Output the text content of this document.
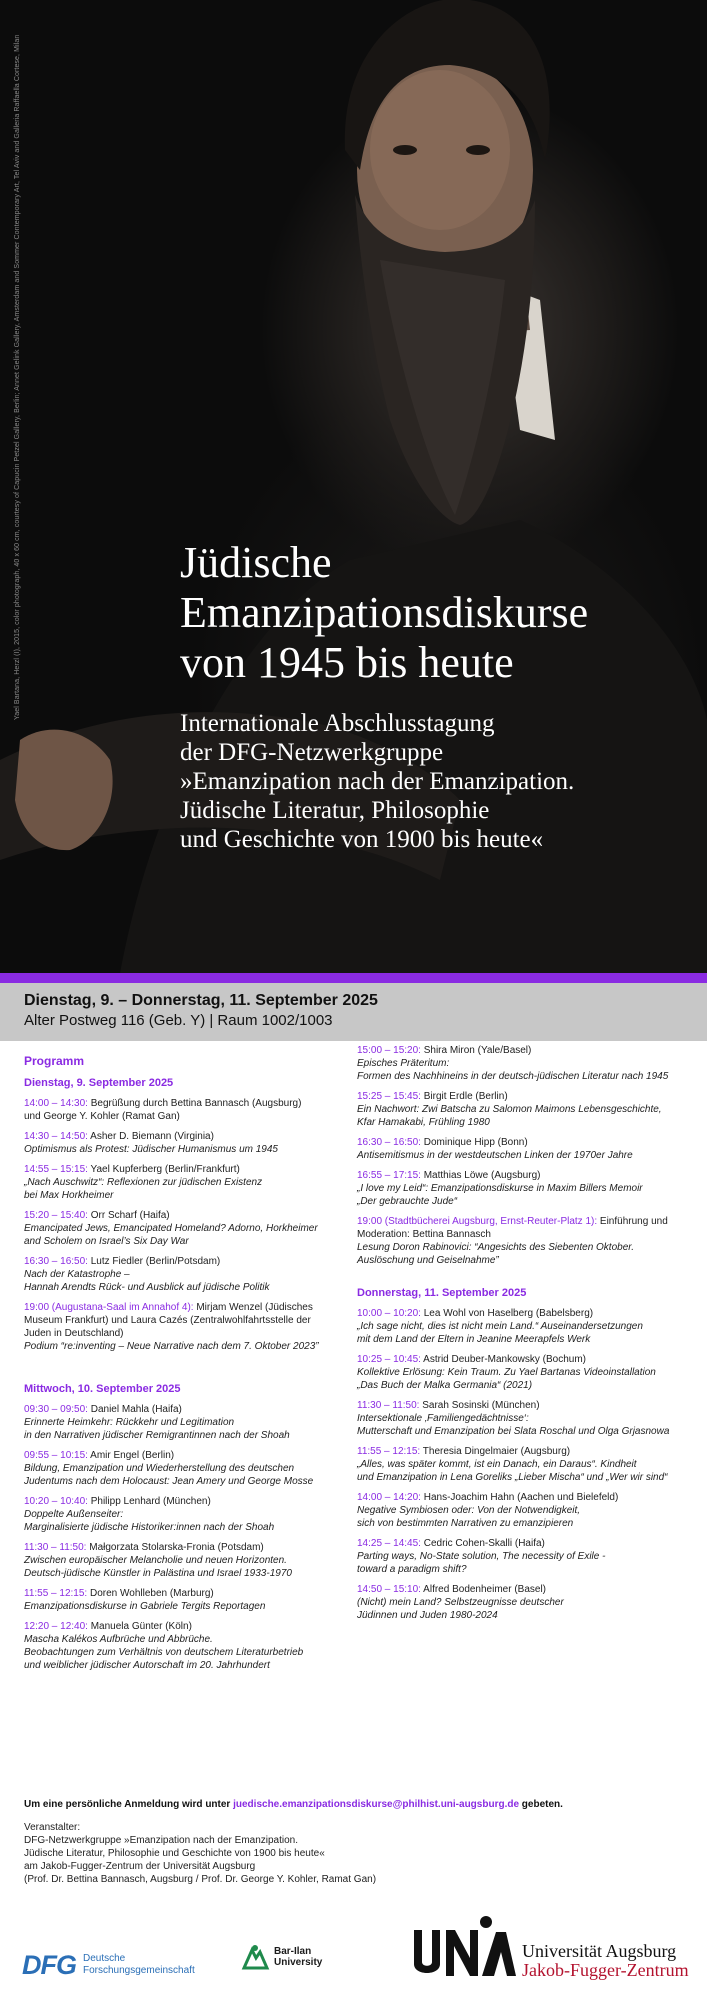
Yael Bartana, Herzl (I), 2015, color photograph, 40 x 60 cm, courtesy of Capucin Petzel Gallery, Berlin; Annet Gelink Gallery, Amsterdam and Sommer Contemporary Art, Tel Aviv and Galleria Raffaella Cortese, Milan	Jüdische
Emanzipationsdiskurse
von 1945 bis heute
Internationale Abschlusstagung
der DFG-Netzwerkgruppe
»Emanzipation nach der Emanzipation.
Jüdische Literatur, Philosophie
und Geschichte von 1900 bis heute«
Dienstag, 9. – Donnerstag, 11. September 2025
Alter Postweg 116 (Geb. Y) | Raum 1002/1003
Programm
Dienstag, 9. September 2025
14:00 – 14:30: Begrüßung durch Bettina Bannasch (Augsburg)
und George Y. Kohler (Ramat Gan)
14:30 – 14:50: Asher D. Biemann (Virginia)
Optimismus als Protest: Jüdischer Humanismus um 1945
14:55 – 15:15: Yael Kupferberg (Berlin/Frankfurt)
„Nach Auschwitz“: Reflexionen zur jüdischen Existenz
bei Max Horkheimer
15:20 – 15:40: Orr Scharf (Haifa)
Emancipated Jews, Emancipated Homeland? Adorno, Horkheimer
and Scholem on Israel’s Six Day War
16:30 – 16:50: Lutz Fiedler (Berlin/Potsdam)
Nach der Katastrophe –
Hannah Arendts Rück- und Ausblick auf jüdische Politik
19:00 (Augustana-Saal im Annahof 4): Mirjam Wenzel (Jüdisches
Museum Frankfurt) und Laura Cazés (Zentralwohlfahrtsstelle der
Juden in Deutschland)
Podium “re:inventing – Neue Narrative nach dem 7. Oktober 2023”
Mittwoch, 10. September 2025
09:30 – 09:50: Daniel Mahla (Haifa)
Erinnerte Heimkehr: Rückkehr und Legitimation
in den Narrativen jüdischer Remigrantinnen nach der Shoah
09:55 – 10:15: Amir Engel (Berlin)
Bildung, Emanzipation und Wiederherstellung des deutschen
Judentums nach dem Holocaust: Jean Amery und George Mosse
10:20 – 10:40: Philipp Lenhard (München)
Doppelte Außenseiter:
Marginalisierte jüdische Historiker:innen nach der Shoah
11:30 – 11:50: Małgorzata Stolarska-Fronia (Potsdam)
Zwischen europäischer Melancholie und neuen Horizonten.
Deutsch-jüdische Künstler in Palästina und Israel 1933-1970
11:55 – 12:15: Doren Wohlleben (Marburg)
Emanzipationsdiskurse in Gabriele Tergits Reportagen
12:20 – 12:40: Manuela Günter (Köln)
Mascha Kalékos Aufbrüche und Abbrüche.
Beobachtungen zum Verhältnis von deutschem Literaturbetrieb
und weiblicher jüdischer Autorschaft im 20. Jahrhundert
15:00 – 15:20: Shira Miron (Yale/Basel)
Episches Präteritum:
Formen des Nachhineins in der deutsch-jüdischen Literatur nach 1945
15:25 – 15:45: Birgit Erdle (Berlin)
Ein Nachwort: Zwi Batscha zu Salomon Maimons Lebensgeschichte,
Kfar Hamakabi, Frühling 1980
16:30 – 16:50: Dominique Hipp (Bonn)
Antisemitismus in der westdeutschen Linken der 1970er Jahre
16:55 – 17:15: Matthias Löwe (Augsburg)
„I love my Leid“: Emanzipationsdiskurse in Maxim Billers Memoir
„Der gebrauchte Jude“
19:00 (Stadtbücherei Augsburg, Ernst-Reuter-Platz 1): Einführung und
Moderation: Bettina Bannasch
Lesung Doron Rabinovici: “Angesichts des Siebenten Oktober.
Auslöschung und Geiselnahme”
Donnerstag, 11. September 2025
10:00 – 10:20: Lea Wohl von Haselberg (Babelsberg)
„Ich sage nicht, dies ist nicht mein Land.“ Auseinandersetzungen
mit dem Land der Eltern in Jeanine Meerapfels Werk
10:25 – 10:45: Astrid Deuber-Mankowsky (Bochum)
Kollektive Erlösung: Kein Traum. Zu Yael Bartanas Videoinstallation
„Das Buch der Malka Germania“ (2021)
11:30 – 11:50: Sarah Sosinski (München)
Intersektionale ‚Familiengedächtnisse‘:
Mutterschaft und Emanzipation bei Slata Roschal und Olga Grjasnowa
11:55 – 12:15: Theresia Dingelmaier (Augsburg)
„Alles, was später kommt, ist ein Danach, ein Daraus“. Kindheit
und Emanzipation in Lena Goreliks „Lieber Mischa“ und „Wer wir sind“
14:00 – 14:20: Hans-Joachim Hahn (Aachen und Bielefeld)
Negative Symbiosen oder: Von der Notwendigkeit,
sich von bestimmten Narrativen zu emanzipieren
14:25 – 14:45: Cedric Cohen-Skalli (Haifa)
Parting ways, No-State solution, The necessity of Exile -
toward a paradigm shift?
14:50 – 15:10: Alfred Bodenheimer (Basel)
(Nicht) mein Land? Selbstzeugnisse deutscher
Jüdinnen und Juden 1980-2024
Um eine persönliche Anmeldung wird unter juedische.emanzipationsdiskurse@philhist.uni-augsburg.de gebeten.
Veranstalter:
DFG-Netzwerkgruppe »Emanzipation nach der Emanzipation.
Jüdische Literatur, Philosophie und Geschichte von 1900 bis heute«
am Jakob-Fugger-Zentrum der Universität Augsburg
(Prof. Dr. Bettina Bannasch, Augsburg / Prof. Dr. George Y. Kohler, Ramat Gan)
DFG Deutsche
Forschungsgemeinschaft
Bar-Ilan
University
Universität Augsburg
Jakob-Fugger-Zentrum
